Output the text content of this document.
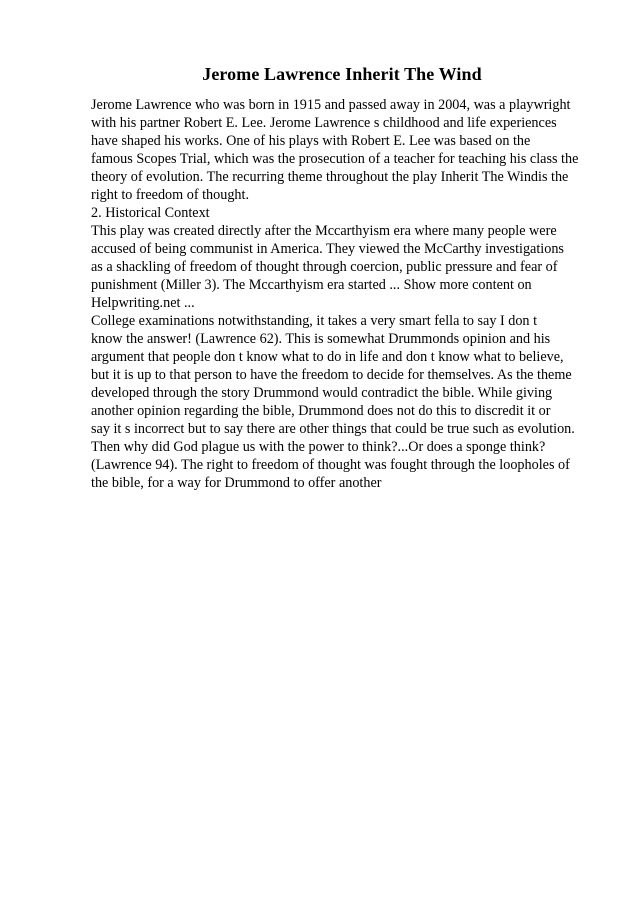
Jerome Lawrence Inherit The Wind
Jerome Lawrence who was born in 1915 and passed away in 2004, was a playwright
with his partner Robert E. Lee. Jerome Lawrence s childhood and life experiences
have shaped his works. One of his plays with Robert E. Lee was based on the
famous Scopes Trial, which was the prosecution of a teacher for teaching his class the
theory of evolution. The recurring theme throughout the play Inherit The Windis the
right to freedom of thought.
2. Historical Context
This play was created directly after the Mccarthyism era where many people were
accused of being communist in America. They viewed the McCarthy investigations
as a shackling of freedom of thought through coercion, public pressure and fear of
punishment (Miller 3). The Mccarthyism era started ... Show more content on
Helpwriting.net ...
College examinations notwithstanding, it takes a very smart fella to say I don t
know the answer! (Lawrence 62). This is somewhat Drummonds opinion and his
argument that people don t know what to do in life and don t know what to believe,
but it is up to that person to have the freedom to decide for themselves. As the theme
developed through the story Drummond would contradict the bible. While giving
another opinion regarding the bible, Drummond does not do this to discredit it or
say it s incorrect but to say there are other things that could be true such as evolution.
Then why did God plague us with the power to think?...Or does a sponge think?
(Lawrence 94). The right to freedom of thought was fought through the loopholes of
the bible, for a way for Drummond to offer another
